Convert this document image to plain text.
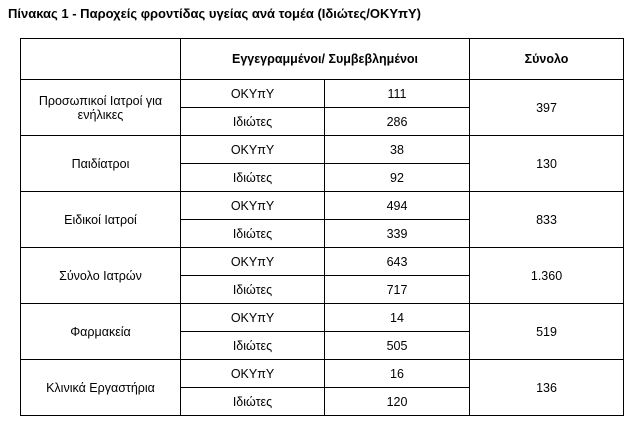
Πίνακας 1 - Παροχείς φροντίδας υγείας ανά τομέα (Ιδιώτες/ΟΚΥπΥ)
	Εγγεγραμμένοι/ Συμβεβλημένοι		Σύνολο
Προσωπικοί Ιατροί για ενήλικες	ΟΚΥπΥ	111	397
	Ιδιώτες	286	
Παιδίατροι	ΟΚΥπΥ	38	130
	Ιδιώτες	92	
Ειδικοί Ιατροί	ΟΚΥπΥ	494	833
	Ιδιώτες	339	
Σύνολο Ιατρών	ΟΚΥπΥ	643	1.360
	Ιδιώτες	717	
Φαρμακεία	ΟΚΥπΥ	14	519
	Ιδιώτες	505	
Κλινικά Εργαστήρια	ΟΚΥπΥ	16	136
	Ιδιώτες	120	
